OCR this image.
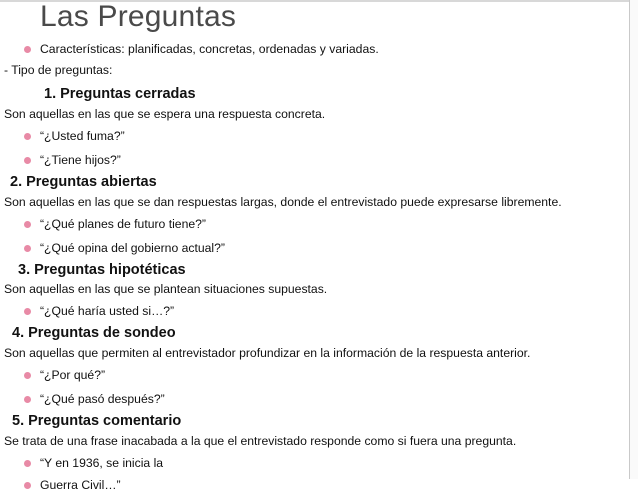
Las Preguntas
Características: planificadas, concretas, ordenadas y variadas.
- Tipo de preguntas:
1. Preguntas cerradas
Son aquellas en las que se espera una respuesta concreta.
“¿Usted fuma?”
“¿Tiene hijos?”
2. Preguntas abiertas
Son aquellas en las que se dan respuestas largas, donde el entrevistado puede expresarse libremente.
“¿Qué planes de futuro tiene?”
“¿Qué opina del gobierno actual?”
3. Preguntas hipotéticas
Son aquellas en las que se plantean situaciones supuestas.
“¿Qué haría usted si…?”
4. Preguntas de sondeo
Son aquellas que permiten al entrevistador profundizar en la información de la respuesta anterior.
“¿Por qué?”
“¿Qué pasó después?”
5. Preguntas comentario
Se trata de una frase inacabada a la que el entrevistado responde como si fuera una pregunta.
“Y en 1936, se inicia la
Guerra Civil…”
